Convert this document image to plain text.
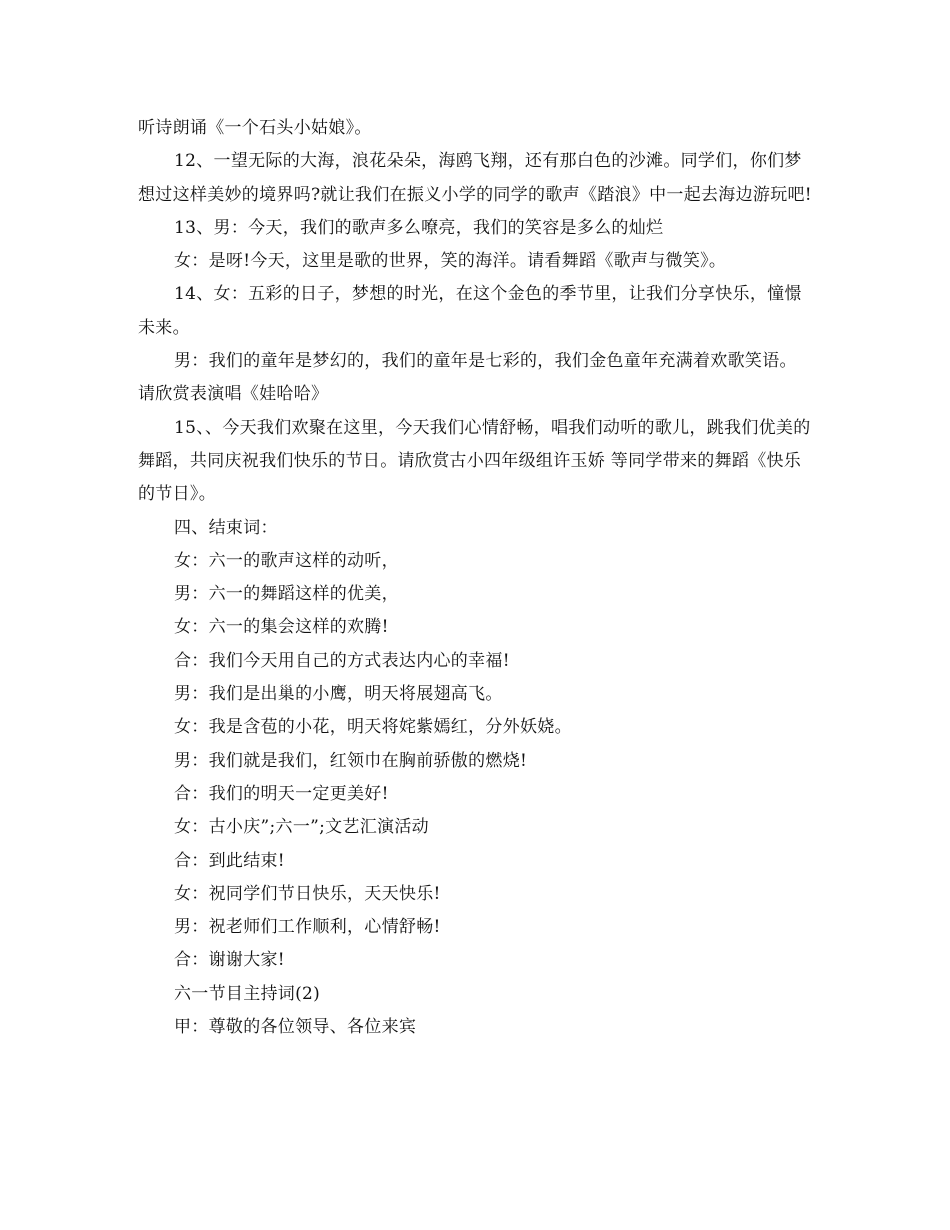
听诗朗诵《一个石头小姑娘》。

12、一望无际的大海，浪花朵朵，海鸥飞翔，还有那白色的沙滩。同学们，你们梦想过这样美妙的境界吗?就让我们在振义小学的同学的歌声《踏浪》中一起去海边游玩吧!

13、男：今天，我们的歌声多么嘹亮，我们的笑容是多么的灿烂

女：是呀!今天，这里是歌的世界，笑的海洋。请看舞蹈《歌声与微笑》。

14、女：五彩的日子，梦想的时光，在这个金色的季节里，让我们分享快乐，憧憬未来。

男：我们的童年是梦幻的，我们的童年是七彩的，我们金色童年充满着欢歌笑语。请欣赏表演唱《娃哈哈》

15、、今天我们欢聚在这里，今天我们心情舒畅，唱我们动听的歌儿，跳我们优美的舞蹈，共同庆祝我们快乐的节日。请欣赏古小四年级组许玉娇 等同学带来的舞蹈《快乐的节日》。

四、结束词：

女：六一的歌声这样的动听，

男：六一的舞蹈这样的优美，

女：六一的集会这样的欢腾!

合：我们今天用自己的方式表达内心的幸福!

男：我们是出巢的小鹰，明天将展翅高飞。

女：我是含苞的小花，明天将姹紫嫣红，分外妖娆。

男：我们就是我们，红领巾在胸前骄傲的燃烧!

合：我们的明天一定更美好!

女：古小庆”;六一”;文艺汇演活动

合：到此结束!

女：祝同学们节日快乐，天天快乐!

男：祝老师们工作顺利，心情舒畅!

合：谢谢大家!

六一节目主持词(2)

甲：尊敬的各位领导、各位来宾
